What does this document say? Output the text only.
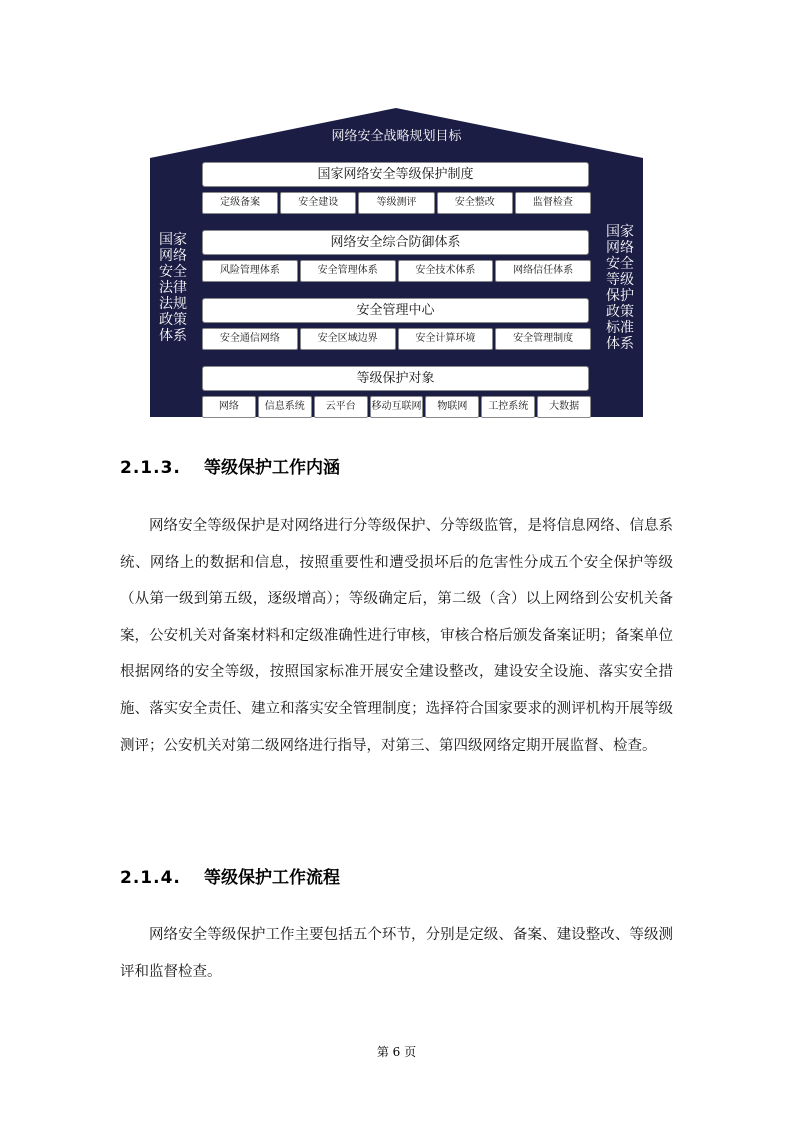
网络安全战略规划目标
国家网络安全法律法规政策体系
国家网络安全等级保护政策标准体系
国家网络安全等级保护制度
定级备案	安全建设	等级测评	安全整改	监督检查
网络安全综合防御体系
风险管理体系	安全管理体系	安全技术体系	网络信任体系
安全管理中心
安全通信网络	安全区域边界	安全计算环境	安全管理制度
等级保护对象
网络	信息系统	云平台	移动互联网	物联网	工控系统	大数据
2.1.3. 等级保护工作内涵

网络安全等级保护是对网络进行分等级保护、分等级监管，是将信息网络、信息系统、网络上的数据和信息，按照重要性和遭受损坏后的危害性分成五个安全保护等级（从第一级到第五级，逐级增高）；等级确定后，第二级（含）以上网络到公安机关备案，公安机关对备案材料和定级准确性进行审核，审核合格后颁发备案证明；备案单位根据网络的安全等级，按照国家标准开展安全建设整改，建设安全设施、落实安全措施、落实安全责任、建立和落实安全管理制度；选择符合国家要求的测评机构开展等级测评；公安机关对第二级网络进行指导，对第三、第四级网络定期开展监督、检查。

2.1.4. 等级保护工作流程

网络安全等级保护工作主要包括五个环节，分别是定级、备案、建设整改、等级测评和监督检查。

第 6 页
